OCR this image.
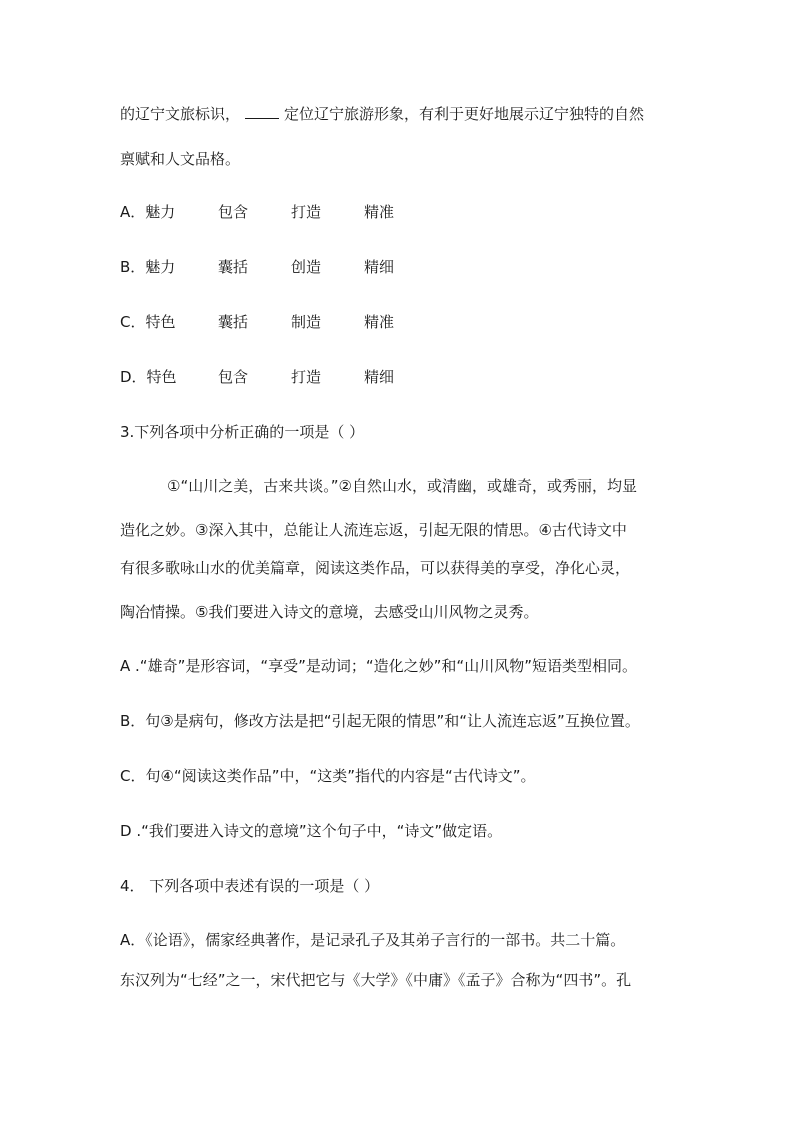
的辽宁文旅标识，	定位辽宁旅游形象，有利于更好地展示辽宁独特的自然
禀赋和人文品格。
A．魅力	包含	打造	精准
B．魅力	囊括	创造	精细
C．特色	囊括	制造	精准
D．特色	包含	打造	精细
3.下列各项中分析正确的一项是（ ）
①“山川之美，古来共谈。”②自然山水，或清幽，或雄奇，或秀丽，均显
造化之妙。③深入其中，总能让人流连忘返，引起无限的情思。④古代诗文中
有很多歌咏山水的优美篇章，阅读这类作品，可以获得美的享受，净化心灵，
陶冶情操。⑤我们要进入诗文的意境，去感受山川风物之灵秀。
A .“雄奇”是形容词，“享受”是动词；“造化之妙”和“山川风物”短语类型相同。
B．句③是病句，修改方法是把“引起无限的情思”和“让人流连忘返”互换位置。
C．句④“阅读这类作品”中，“这类”指代的内容是“古代诗文”。
D .“我们要进入诗文的意境”这个句子中，“诗文”做定语。
4． 下列各项中表述有误的一项是（ ）
A．《论语》，儒家经典著作，是记录孔子及其弟子言行的一部书。共二十篇。
东汉列为“七经”之一，宋代把它与《大学》《中庸》《孟子》合称为“四书”。孔
